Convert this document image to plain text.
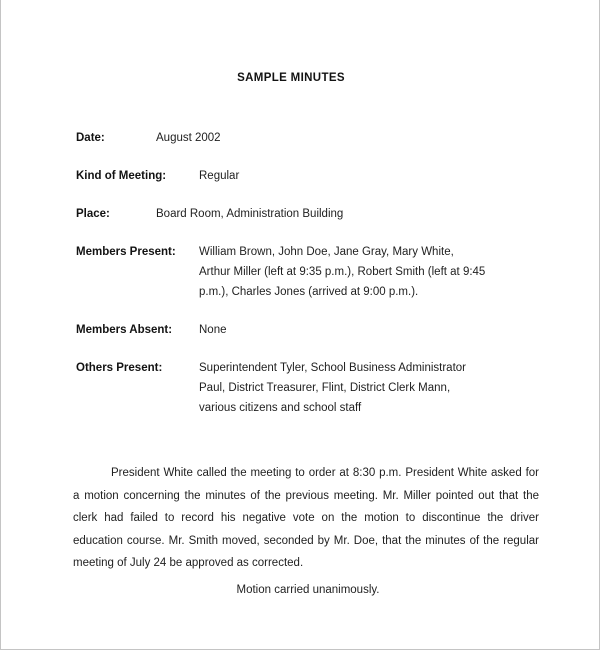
SAMPLE MINUTES
Date:	August 2002
Kind of Meeting:	Regular
Place:	Board Room, Administration Building
Members Present:	William Brown, John Doe, Jane Gray, Mary White,
Arthur Miller (left at 9:35 p.m.), Robert Smith (left at 9:45
p.m.), Charles Jones (arrived at 9:00 p.m.).
Members Absent:	None
Others Present:	Superintendent Tyler, School Business Administrator
Paul, District Treasurer, Flint, District Clerk Mann,
various citizens and school staff
President White called the meeting to order at 8:30 p.m. President White asked for a motion concerning the minutes of the previous meeting. Mr. Miller pointed out that the clerk had failed to record his negative vote on the motion to discontinue the driver education course. Mr. Smith moved, seconded by Mr. Doe, that the minutes of the regular meeting of July 24 be approved as corrected.
Motion carried unanimously.
